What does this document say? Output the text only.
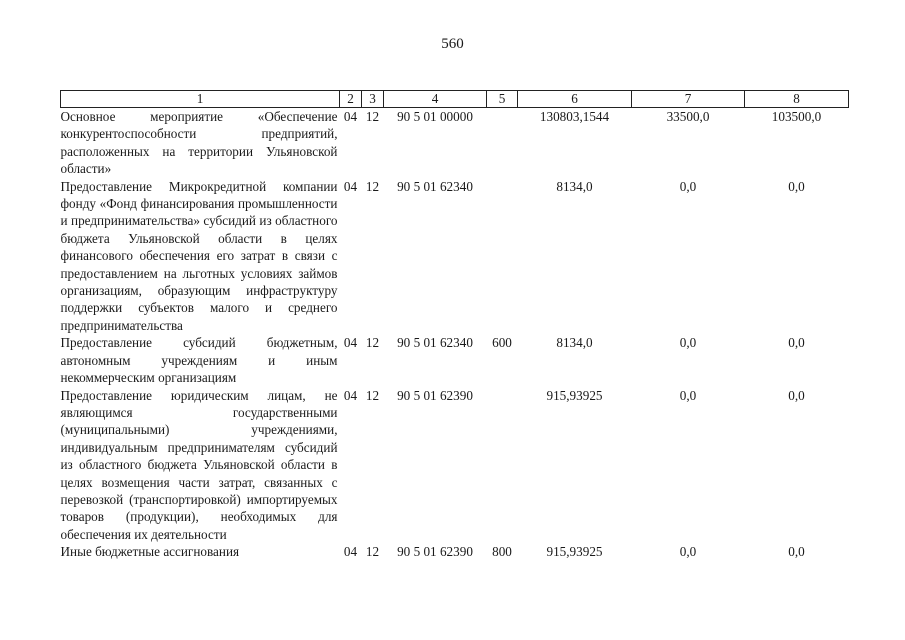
560
1	2	3	4	5	6	7	8
Основное мероприятие «Обеспечение конкурентоспособности предприятий, расположенных на территории Ульяновской области»	04	12	90 5 01 00000		130803,1544	33500,0	103500,0
Предоставление Микрокредитной компании фонду «Фонд финансирования промышленности и предпринимательства» субсидий из областного бюджета Ульяновской области в целях финансового обеспечения его затрат в связи с предоставлением на льготных условиях займов организациям, образующим инфраструктуру поддержки субъектов малого и среднего предпринимательства	04	12	90 5 01 62340		8134,0	0,0	0,0
Предоставление субсидий бюджетным, автономным учреждениям и иным некоммерческим организациям	04	12	90 5 01 62340	600	8134,0	0,0	0,0
Предоставление юридическим лицам, не являющимся государственными (муниципальными) учреждениями, индивидуальным предпринимателям субсидий из областного бюджета Ульяновской области в целях возмещения части затрат, связанных с перевозкой (транспортировкой) импортируемых товаров (продукции), необходимых для обеспечения их деятельности	04	12	90 5 01 62390		915,93925	0,0	0,0
Иные бюджетные ассигнования	04	12	90 5 01 62390	800	915,93925	0,0	0,0
